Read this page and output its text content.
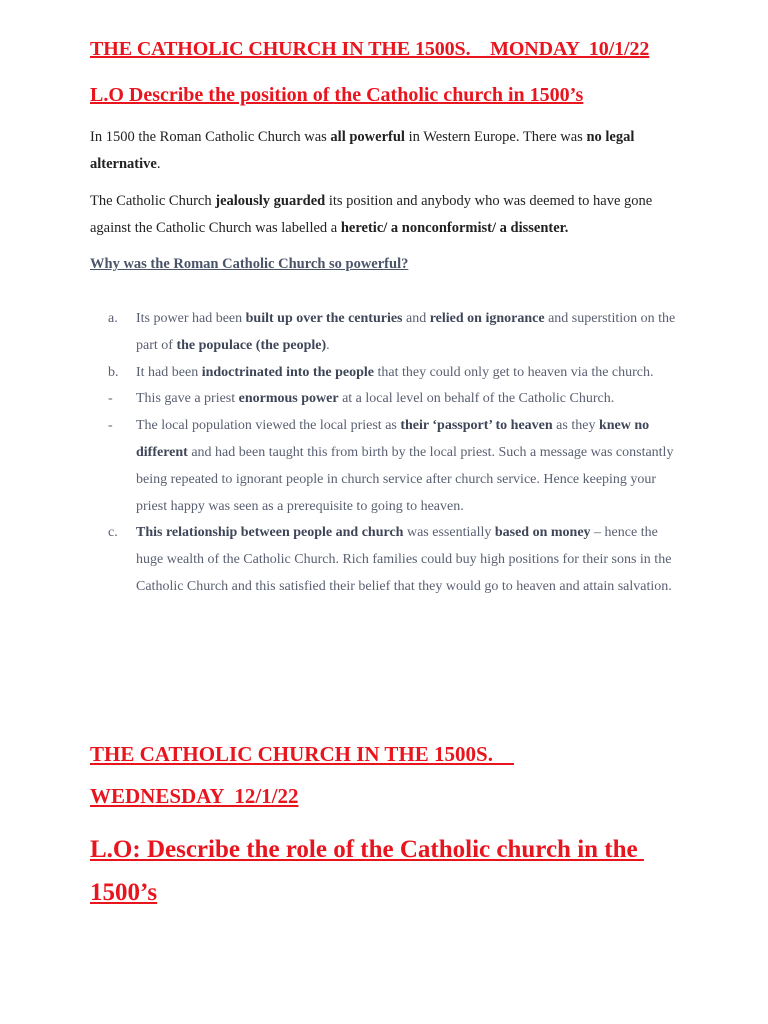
THE CATHOLIC CHURCH IN THE 1500S.    MONDAY  10/1/22
L.O Describe the position of the Catholic church in 1500’s
In 1500 the Roman Catholic Church was all powerful in Western Europe. There was no legal alternative.
The Catholic Church jealously guarded its position and anybody who was deemed to have gone against the Catholic Church was labelled a heretic/ a nonconformist/ a dissenter.
Why was the Roman Catholic Church so powerful?
a.	Its power had been built up over the centuries and relied on ignorance and superstition on the part of the populace (the people).
b.	It had been indoctrinated into the people that they could only get to heaven via the church.
-	This gave a priest enormous power at a local level on behalf of the Catholic Church.
-	The local population viewed the local priest as their ‘passport’ to heaven as they knew no different and had been taught this from birth by the local priest. Such a message was constantly being repeated to ignorant people in church service after church service. Hence keeping your priest happy was seen as a prerequisite to going to heaven.
c.	This relationship between people and church was essentially based on money – hence the huge wealth of the Catholic Church. Rich families could buy high positions for their sons in the Catholic Church and this satisfied their belief that they would go to heaven and attain salvation.
THE CATHOLIC CHURCH IN THE 1500S.
WEDNESDAY  12/1/22
L.O: Describe the role of the Catholic church in the
1500’s
